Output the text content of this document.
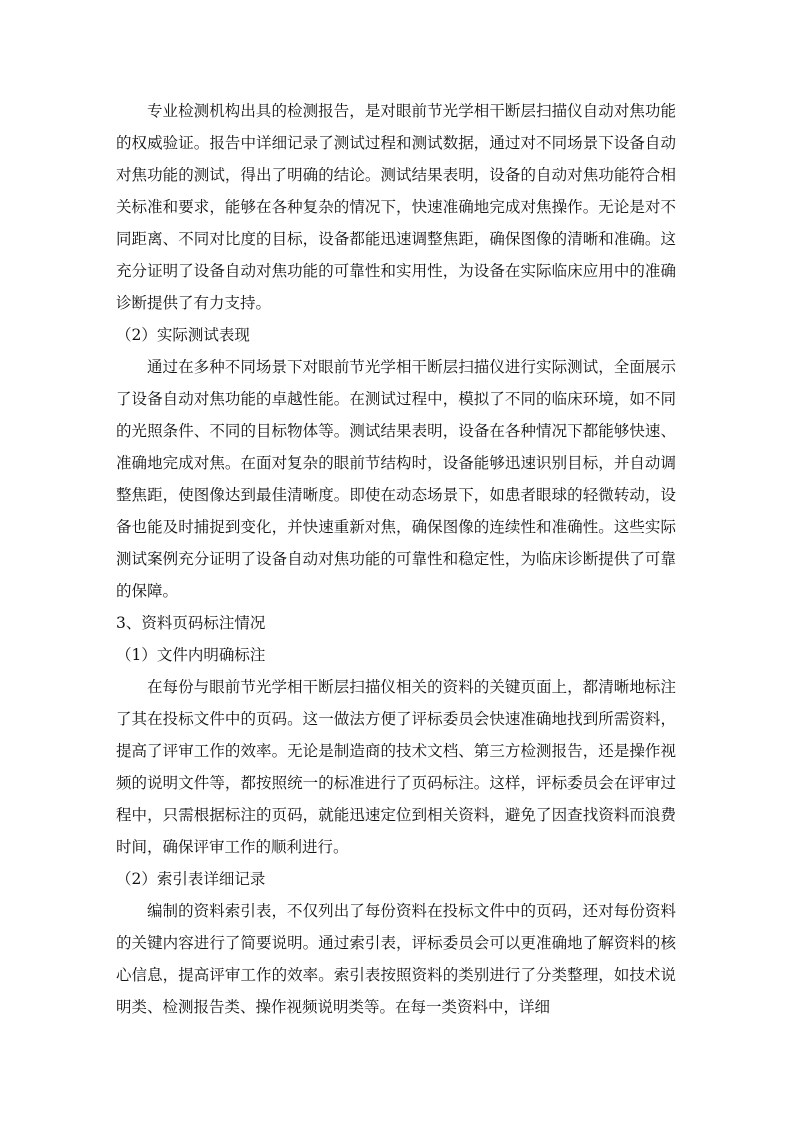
专业检测机构出具的检测报告，是对眼前节光学相干断层扫描仪自动对焦功能的权威验证。报告中详细记录了测试过程和测试数据，通过对不同场景下设备自动对焦功能的测试，得出了明确的结论。测试结果表明，设备的自动对焦功能符合相关标准和要求，能够在各种复杂的情况下，快速准确地完成对焦操作。无论是对不同距离、不同对比度的目标，设备都能迅速调整焦距，确保图像的清晰和准确。这充分证明了设备自动对焦功能的可靠性和实用性，为设备在实际临床应用中的准确诊断提供了有力支持。

（2）实际测试表现

通过在多种不同场景下对眼前节光学相干断层扫描仪进行实际测试，全面展示了设备自动对焦功能的卓越性能。在测试过程中，模拟了不同的临床环境，如不同的光照条件、不同的目标物体等。测试结果表明，设备在各种情况下都能够快速、准确地完成对焦。在面对复杂的眼前节结构时，设备能够迅速识别目标，并自动调整焦距，使图像达到最佳清晰度。即使在动态场景下，如患者眼球的轻微转动，设备也能及时捕捉到变化，并快速重新对焦，确保图像的连续性和准确性。这些实际测试案例充分证明了设备自动对焦功能的可靠性和稳定性，为临床诊断提供了可靠的保障。

3、资料页码标注情况

（1）文件内明确标注

在每份与眼前节光学相干断层扫描仪相关的资料的关键页面上，都清晰地标注了其在投标文件中的页码。这一做法方便了评标委员会快速准确地找到所需资料，提高了评审工作的效率。无论是制造商的技术文档、第三方检测报告，还是操作视频的说明文件等，都按照统一的标准进行了页码标注。这样，评标委员会在评审过程中，只需根据标注的页码，就能迅速定位到相关资料，避免了因查找资料而浪费时间，确保评审工作的顺利进行。

（2）索引表详细记录

编制的资料索引表，不仅列出了每份资料在投标文件中的页码，还对每份资料的关键内容进行了简要说明。通过索引表，评标委员会可以更准确地了解资料的核心信息，提高评审工作的效率。索引表按照资料的类别进行了分类整理，如技术说明类、检测报告类、操作视频说明类等。在每一类资料中，详细
